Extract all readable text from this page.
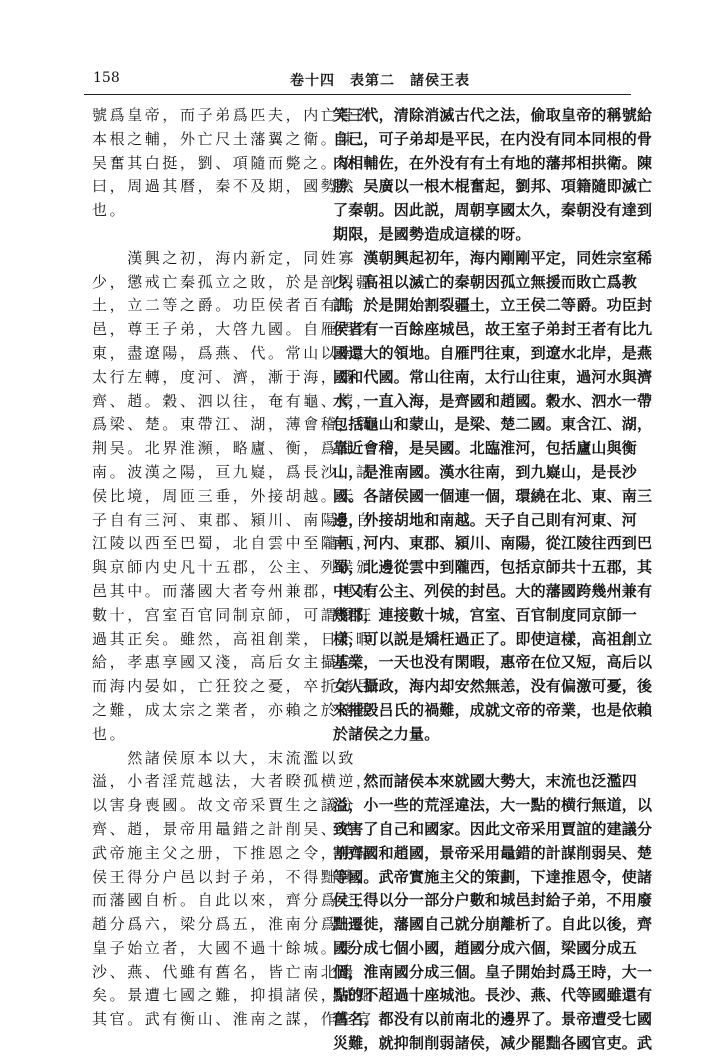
158	卷十四　表第二　諸侯王表
號爲皇帝，而子弟爲匹夫，内亡骨肉
本根之輔，外亡尺土藩翼之衛。陳、
吴奮其白挺，劉、項隨而斃之。故
曰，周過其曆，秦不及期，國勢然
也。
　　漢興之初，海内新定，同姓寡
少，懲戒亡秦孤立之敗，於是剖裂疆
土，立二等之爵。功臣侯者百有餘
邑，尊王子弟，大啓九國。自雁門以
東，盡遼陽，爲燕、代。常山以南，
太行左轉，度河、濟，漸于海，爲
齊、趙。穀、泗以往，奄有龜、蒙，
爲梁、楚。東帶江、湖，薄會稽，爲
荆吴。北界淮瀕，略廬、衡，爲淮
南。波漢之陽，亘九嶷，爲長沙。諸
侯比境，周匝三垂，外接胡越。天
子自有三河、東郡、潁川、南陽，自
江陵以西至巴蜀，北自雲中至隴西，
與京師内史凡十五郡，公主、列侯頒
邑其中。而藩國大者夸州兼郡，連城
數十，宫室百官同制京師，可謂撟枉
過其正矣。雖然，高祖創業，日不暇
給，孝惠享國又淺，高后女主攝位，
而海内晏如，亡狂狡之憂，卒折諸吕
之難，成太宗之業者，亦賴之於諸侯
也。
　　然諸侯原本以大，末流濫以致
溢，小者淫荒越法，大者睽孤横逆，
以害身喪國。故文帝采賈生之議分
齊、趙，景帝用鼂錯之計削吴、楚。
武帝施主父之册，下推恩之令，使諸
侯王得分户邑以封子弟，不得黜陟，
而藩國自析。自此以來，齊分爲七，
趙分爲六，梁分爲五，淮南分爲三。
皇子始立者，大國不過十餘城。長
沙、燕、代雖有舊名，皆亡南北邊
矣。景遭七國之難，抑損諸侯，減黜
其官。武有衡山、淮南之謀，作左官
笑三代，清除消滅古代之法，偷取皇帝的稱號給
自己，可子弟却是平民，在内没有同本同根的骨
肉相輔佐，在外没有有土有地的藩邦相拱衛。陳
勝、吴廣以一根木棍奮起，劉邦、項籍隨即滅亡
了秦朝。因此説，周朝享國太久，秦朝没有達到
期限，是國勢造成這樣的呀。
　　漢朝興起初年，海内剛剛平定，同姓宗室稀
少，高祖以滅亡的秦朝因孤立無援而敗亡爲教
訓，於是開始割裂疆土，立王侯二等爵。功臣封
侯者有一百餘座城邑，故王室子弟封王者有比九
國還大的領地。自雁門往東，到遼水北岸，是燕
國和代國。常山往南，太行山往東，過河水與濟
水，一直入海，是齊國和趙國。穀水、泗水一帶
包括龜山和蒙山，是梁、楚二國。東含江、湖，
靠近會稽，是吴國。北臨淮河，包括廬山與衡
山，是淮南國。漢水往南，到九嶷山，是長沙
國。各諸侯國一個連一個，環繞在北、東、南三
邊，外接胡地和南越。天子自己則有河東、河
南、河内、東郡、潁川、南陽，從江陵往西到巴
蜀，北邊從雲中到隴西，包括京師共十五郡，其
中又有公主、列侯的封邑。大的藩國跨幾州兼有
幾郡，連接數十城，宫室、百官制度同京師一
樣，可以説是矯枉過正了。即使這樣，高祖創立
基業，一天也没有閑暇，惠帝在位又短，高后以
女人攝政，海内却安然無恙，没有偏激可憂，後
來摧毁吕氏的禍難，成就文帝的帝業，也是依賴
於諸侯之力量。
　　然而諸侯本來就國大勢大，末流也泛濫四
溢，小一些的荒淫違法，大一點的横行無道，以
致害了自己和國家。因此文帝采用賈誼的建議分
割齊國和趙國，景帝采用鼂錯的計謀削弱吴、楚
等國。武帝實施主父的策劃，下達推恩令，使諸
侯王得以分一部分户數和城邑封給子弟，不用廢
黜遷徙，藩國自己就分崩離析了。自此以後，齊
國分成七個小國，趙國分成六個，梁國分成五
個，淮南國分成三個。皇子開始封爲王時，大一
點的不超過十座城池。長沙、燕、代等國雖還有
舊名，都没有以前南北的邊界了。景帝遭受七國
災難，就抑制削弱諸侯，减少罷黜各國官吏。武
